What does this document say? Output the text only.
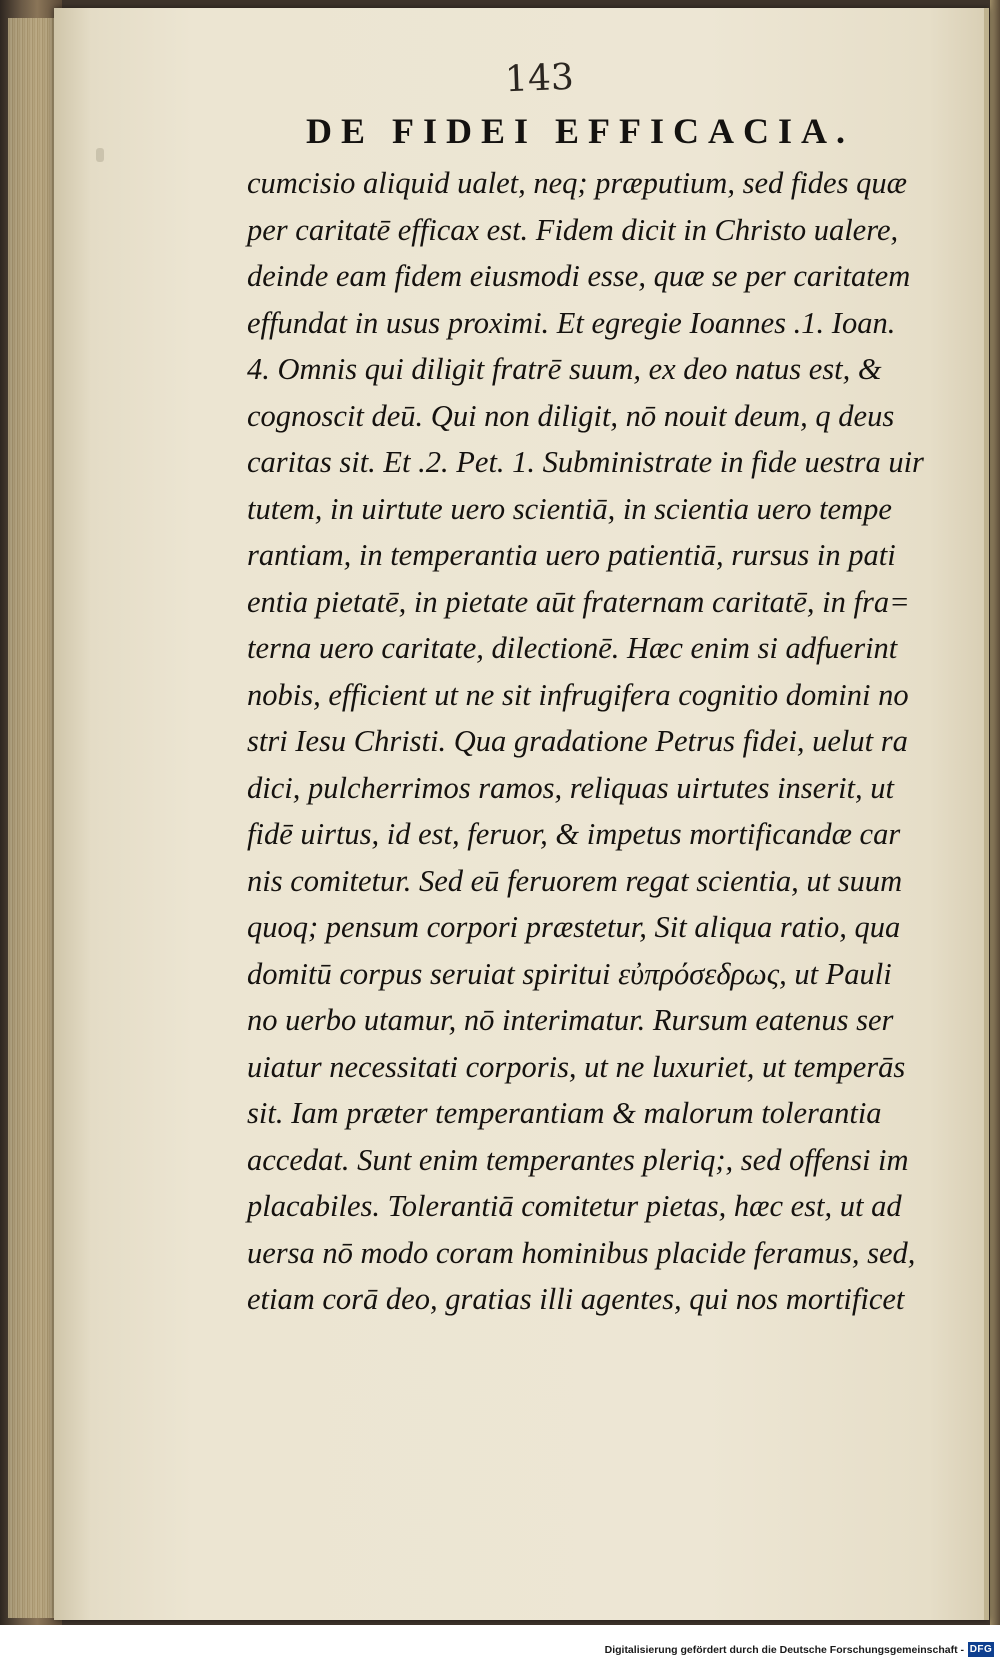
143
DE FIDEI EFFICACIA.
cumcisio aliquid ualet, neq; præputium, sed fides quæ
per caritatē efficax est. Fidem dicit in Christo ualere,
deinde eam fidem eiusmodi esse, quæ se per caritatem
effundat in usus proximi. Et egregie Ioannes .1. Ioan.
4. Omnis qui diligit fratrē suum, ex deo natus est, &
cognoscit deū. Qui non diligit, nō nouit deum, q deus
caritas sit. Et .2. Pet. 1. Subministrate in fide uestra uir
tutem, in uirtute uero scientiā, in scientia uero tempe
rantiam, in temperantia uero patientiā, rursus in pati
entia pietatē, in pietate aūt fraternam caritatē, in fra=
terna uero caritate, dilectionē. Hæc enim si adfuerint
nobis, efficient ut ne sit infrugifera cognitio domini no
stri Iesu Christi. Qua gradatione Petrus fidei, uelut ra
dici, pulcherrimos ramos, reliquas uirtutes inserit, ut
fidē uirtus, id est, feruor, & impetus mortificandæ car
nis comitetur. Sed eū feruorem regat scientia, ut suum
quoq; pensum corpori præstetur, Sit aliqua ratio, qua
domitū corpus seruiat spiritui εὐπρόσεδρως, ut Pauli
no uerbo utamur, nō interimatur. Rursum eatenus ser
uiatur necessitati corporis, ut ne luxuriet, ut temperās
sit. Iam præter temperantiam & malorum tolerantia
accedat. Sunt enim temperantes pleriq;, sed offensi im
placabiles. Tolerantiā comitetur pietas, hæc est, ut ad
uersa nō modo coram hominibus placide feramus, sed,
etiam corā deo, gratias illi agentes, qui nos mortificet
Digitalisierung gefördert durch die Deutsche Forschungsgemeinschaft - DFG
